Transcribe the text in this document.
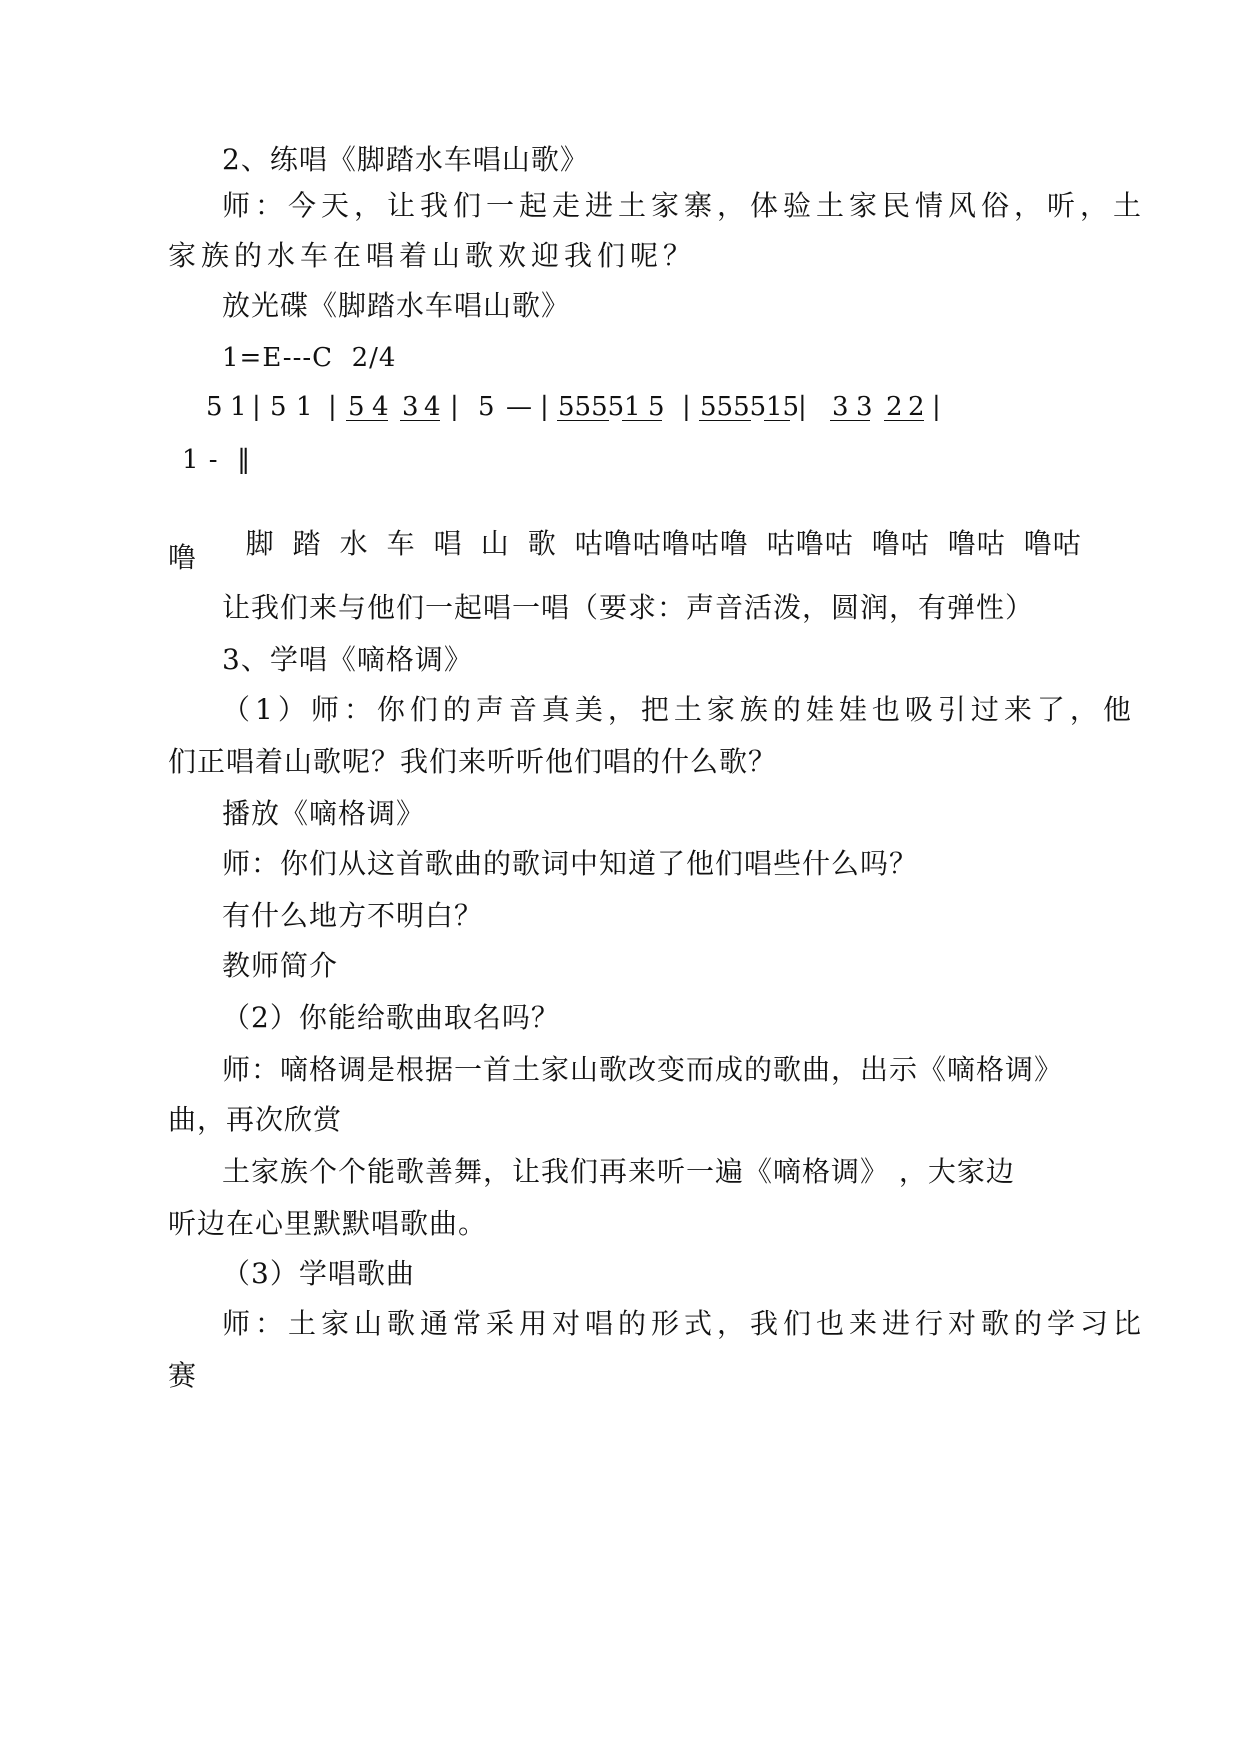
2、练唱《脚踏水车唱山歌》
师：今天，让我们一起走进土家寨，体验土家民情风俗，听，土
家族的水车在唱着山歌欢迎我们呢？
放光碟《脚踏水车唱山歌》
1=E---C  2/4
5 1 | 5 1 | 5 4 3 4 | 5 — | 5555 1 5 | 5555 15
| 3 3 2 2 |
1 -  ‖

脚 踏 水 车 唱 山 歌 咕噜咕噜咕噜 咕噜咕 噜咕 噜咕 噜咕

噜
让我们来与他们一起唱一唱（要求：声音活泼，圆润，有弹性）
3、学唱《嘀格调》
（1）师：你们的声音真美，把土家族的娃娃也吸引过来了，他
们正唱着山歌呢？我们来听听他们唱的什么歌？
播放《嘀格调》
师：你们从这首歌曲的歌词中知道了他们唱些什么吗？
有什么地方不明白？
教师简介
（2）你能给歌曲取名吗？
师：嘀格调是根据一首土家山歌改变而成的歌曲，出示《嘀格调》
曲，再次欣赏
土家族个个能歌善舞，让我们再来听一遍《嘀格调》 ，大家边
听边在心里默默唱歌曲。
（3）学唱歌曲
师：土家山歌通常采用对唱的形式，我们也来进行对歌的学习比
赛
